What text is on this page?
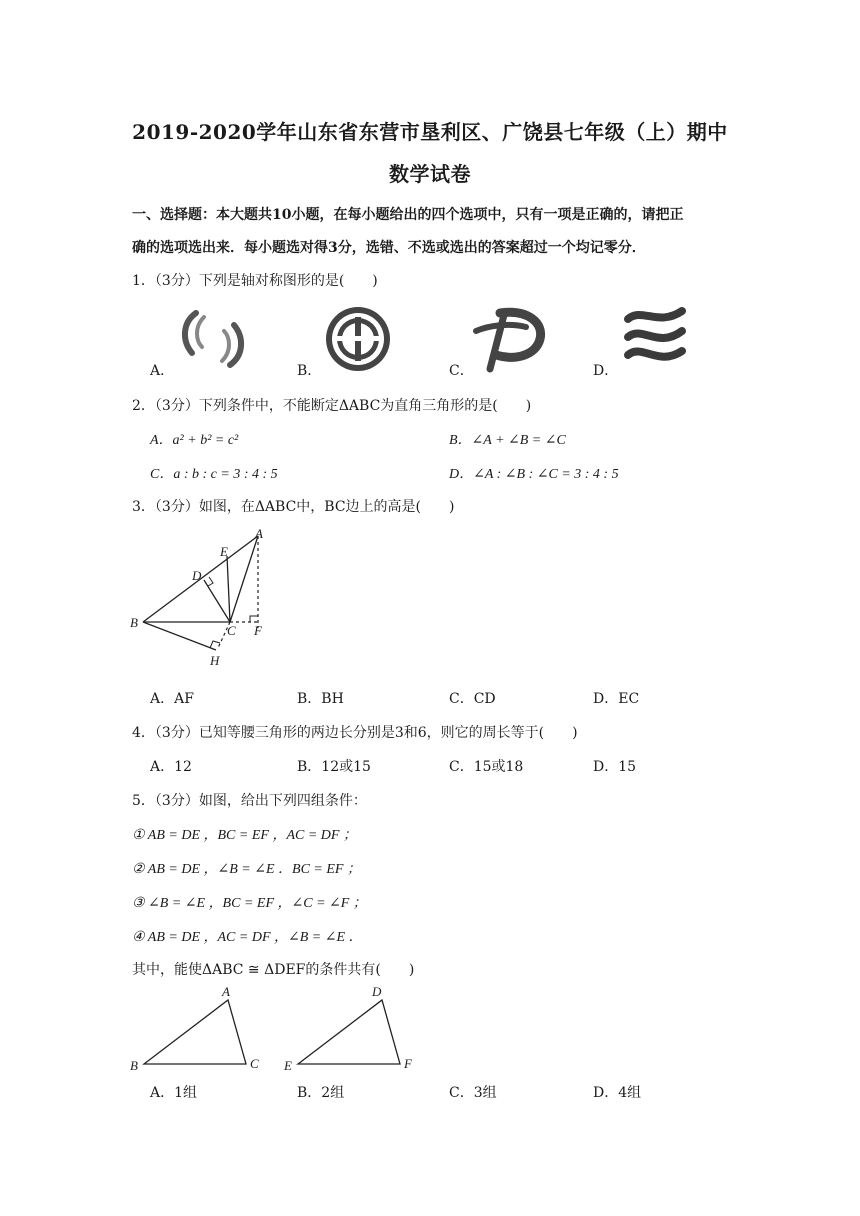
2019-2020学年山东省东营市垦利区、广饶县七年级（上）期中
数学试卷
一、选择题：本大题共10小题，在每小题给出的四个选项中，只有一项是正确的，请把正
确的选项选出来．每小题选对得3分，选错、不选或选出的答案超过一个均记零分．
1．（3分）下列是轴对称图形的是(　　)
A．	B．	C．	D．
2．（3分）下列条件中，不能断定ΔABC为直角三角形的是(　　)
A．a² + b² = c²	B．∠A + ∠B = ∠C
C．a : b : c = 3 : 4 : 5	D．∠A : ∠B : ∠C = 3 : 4 : 5
3．（3分）如图，在ΔABC中，BC边上的高是(　　)
A
E
D
B
C F
H
A．AF	B．BH	C．CD	D．EC
4．（3分）已知等腰三角形的两边长分别是3和6，则它的周长等于(　　)
A．12	B．12或15	C．15或18	D．15
5．（3分）如图，给出下列四组条件：
① AB = DE ，BC = EF ，AC = DF ；
② AB = DE ，∠B = ∠E ．BC = EF ；
③ ∠B = ∠E ，BC = EF ，∠C = ∠F ；
④ AB = DE ，AC = DF ，∠B = ∠E ．
其中，能使ΔABC ≅ ΔDEF的条件共有(　　)
A
B	C
D
E	F
A．1组	B．2组	C．3组	D．4组
